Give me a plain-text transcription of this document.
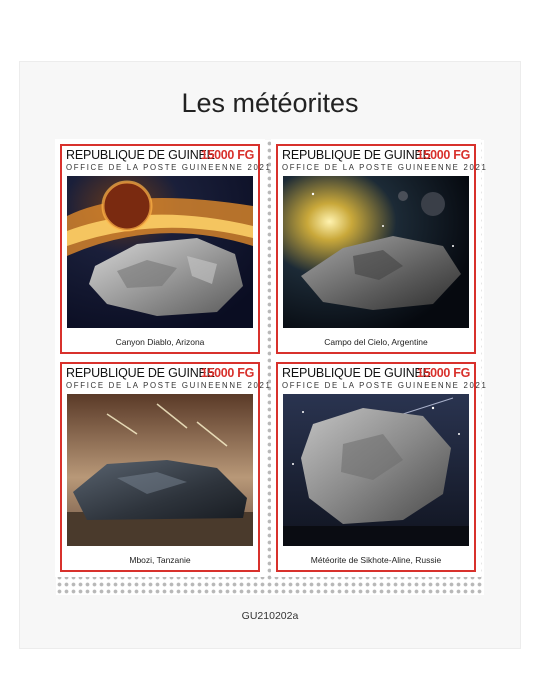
Les météorites
REPUBLIQUE DE GUINEE
15000 FG
OFFICE DE LA POSTE GUINEENNE 2021
Canyon Diablo, Arizona
REPUBLIQUE DE GUINEE
15000 FG
OFFICE DE LA POSTE GUINEENNE 2021
Campo del Cielo, Argentine
REPUBLIQUE DE GUINEE
15000 FG
OFFICE DE LA POSTE GUINEENNE 2021
Mbozi, Tanzanie
REPUBLIQUE DE GUINEE
15000 FG
OFFICE DE LA POSTE GUINEENNE 2021
Météorite de Sikhote-Aline, Russie
GU210202a
